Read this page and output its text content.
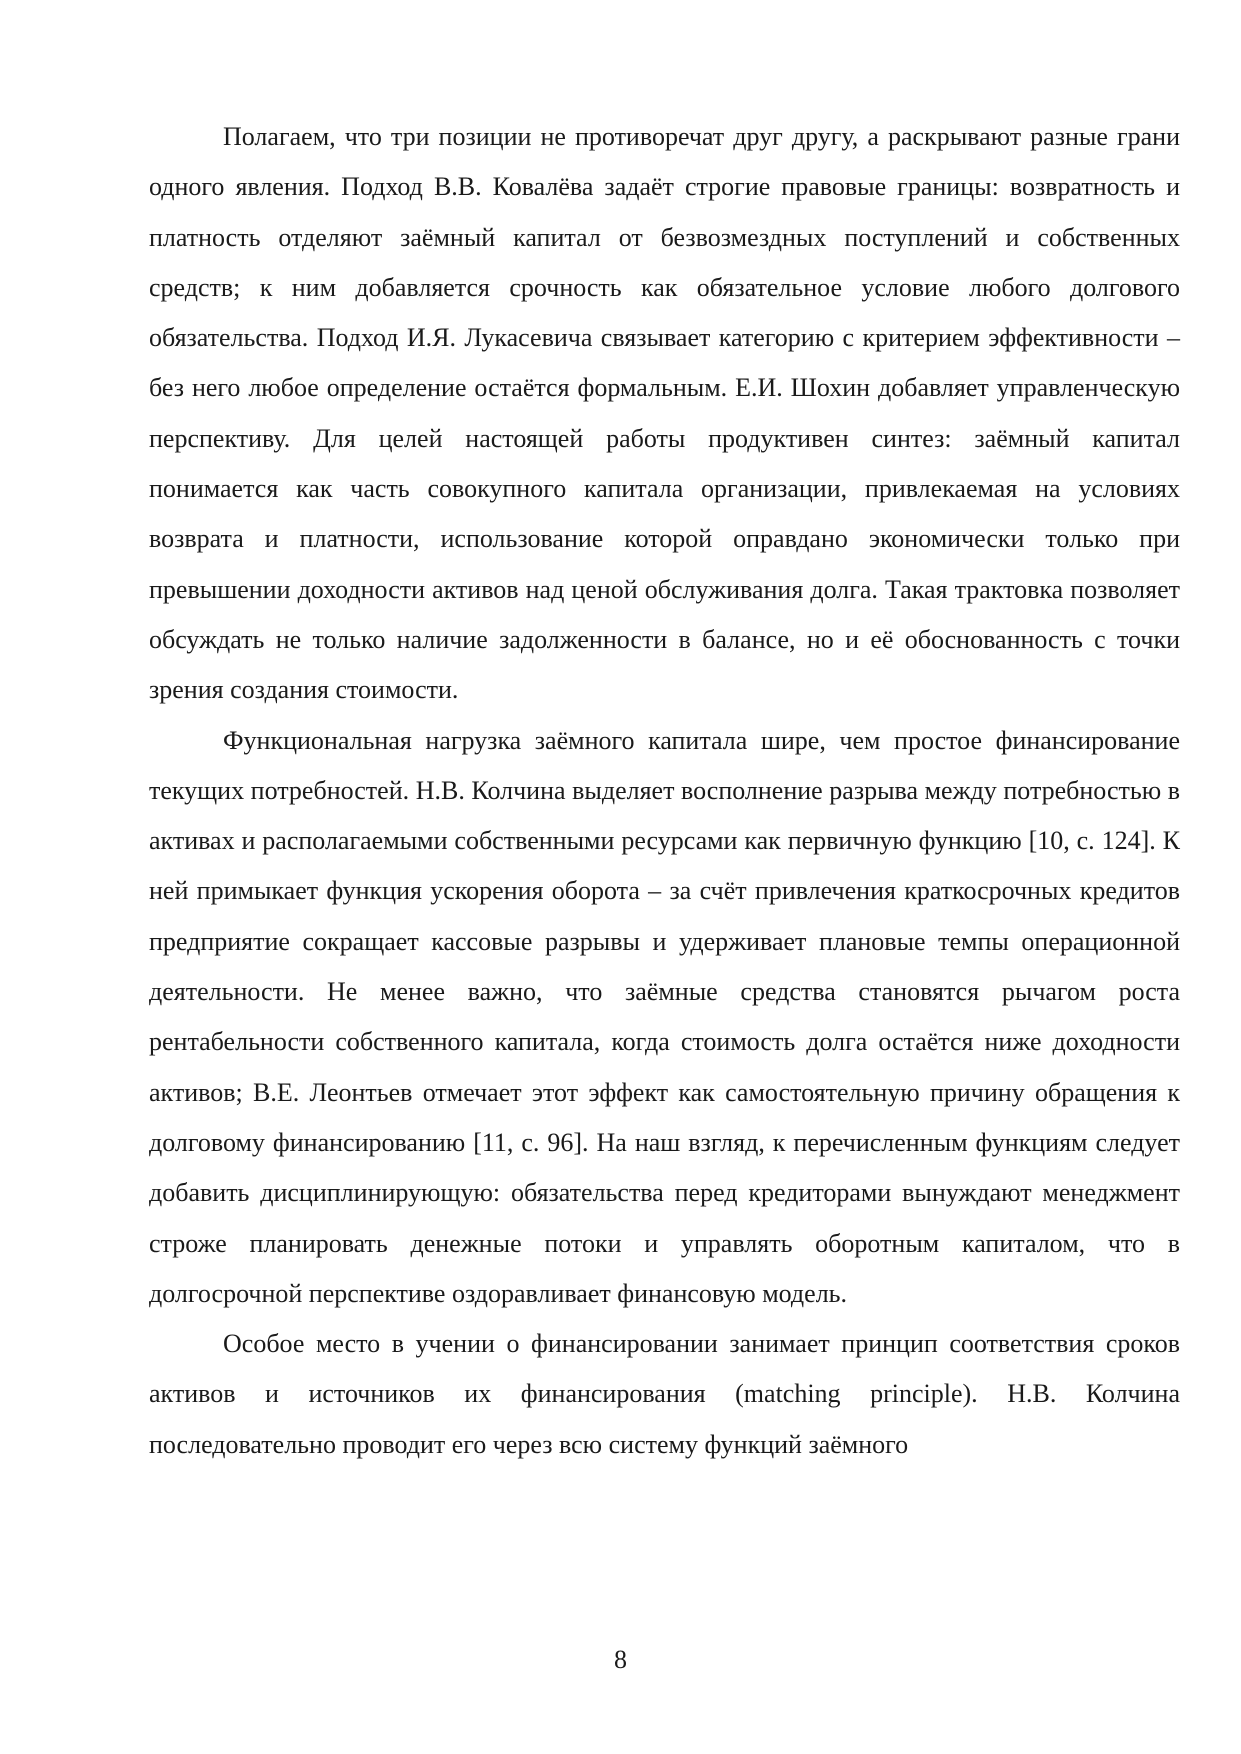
Полагаем, что три позиции не противоречат друг другу, а раскрывают разные грани одного явления. Подход В.В. Ковалёва задаёт строгие правовые границы: возвратность и платность отделяют заёмный капитал от безвозмездных поступлений и собственных средств; к ним добавляется срочность как обязательное условие любого долгового обязательства. Подход И.Я. Лукасевича связывает категорию с критерием эффективности – без него любое определение остаётся формальным. Е.И. Шохин добавляет управленческую перспективу. Для целей настоящей работы продуктивен синтез: заёмный капитал понимается как часть совокупного капитала организации, привлекаемая на условиях возврата и платности, использование которой оправдано экономически только при превышении доходности активов над ценой обслуживания долга. Такая трактовка позволяет обсуждать не только наличие задолженности в балансе, но и её обоснованность с точки зрения создания стоимости.

Функциональная нагрузка заёмного капитала шире, чем простое финансирование текущих потребностей. Н.В. Колчина выделяет восполнение разрыва между потребностью в активах и располагаемыми собственными ресурсами как первичную функцию [10, с. 124]. К ней примыкает функция ускорения оборота – за счёт привлечения краткосрочных кредитов предприятие сокращает кассовые разрывы и удерживает плановые темпы операционной деятельности. Не менее важно, что заёмные средства становятся рычагом роста рентабельности собственного капитала, когда стоимость долга остаётся ниже доходности активов; В.Е. Леонтьев отмечает этот эффект как самостоятельную причину обращения к долговому финансированию [11, с. 96]. На наш взгляд, к перечисленным функциям следует добавить дисциплинирующую: обязательства перед кредиторами вынуждают менеджмент строже планировать денежные потоки и управлять оборотным капиталом, что в долгосрочной перспективе оздоравливает финансовую модель.

Особое место в учении о финансировании занимает принцип соответствия сроков активов и источников их финансирования (matching principle). Н.В. Колчина последовательно проводит его через всю систему функций заёмного

8
